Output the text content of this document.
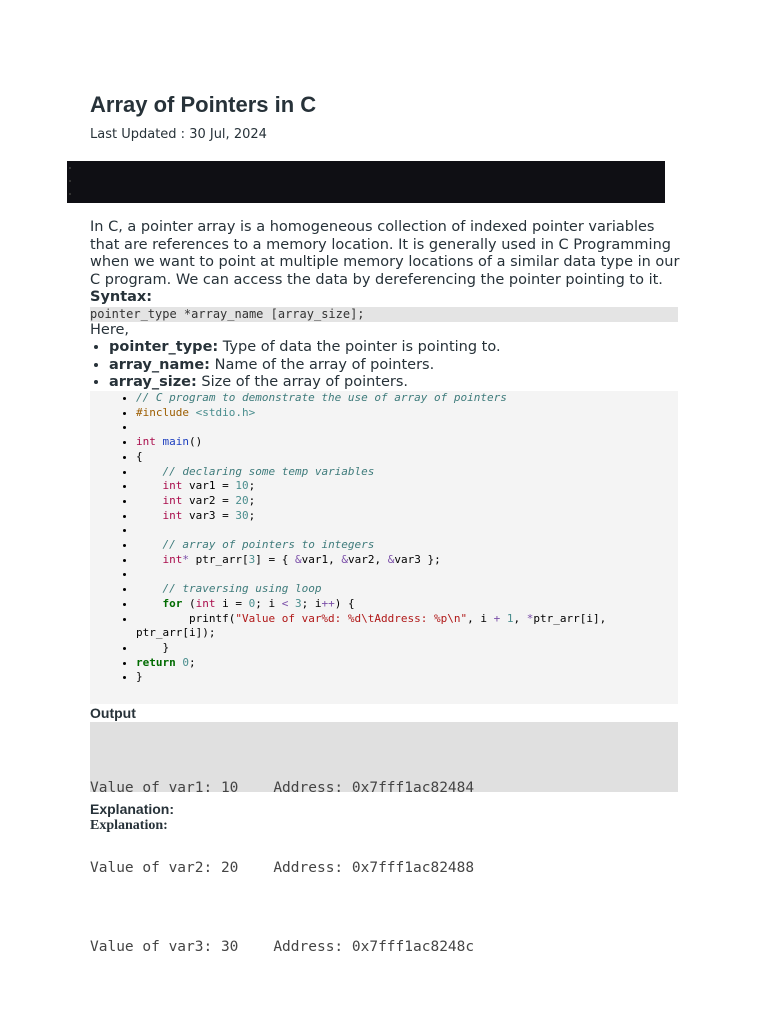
Array of Pointers in C

Last Updated : 30 Jul, 2024

In C, a pointer array is a homogeneous collection of indexed pointer variables that are references to a memory location. It is generally used in C Programming when we want to point at multiple memory locations of a similar data type in our C program. We can access the data by dereferencing the pointer pointing to it.

Syntax:

pointer_type *array_name [array_size];

Here,

• pointer_type: Type of data the pointer is pointing to.
• array_name: Name of the array of pointers.
• array_size: Size of the array of pointers.
• // C program to demonstrate the use of array of pointers
• #include <stdio.h>
•
• int main()
• {
• // declaring some temp variables
• int var1 = 10;
• int var2 = 20;
• int var3 = 30;
•
• // array of pointers to integers
• int* ptr_arr[3] = { &var1, &var2, &var3 };
•
• // traversing using loop
• for (int i = 0; i < 3; i++) {
•         printf("Value of var%d: %d\tAddress: %p\n", i + 1, *ptr_arr[i], ptr_arr[i]);
•     }
• return 0;
• }

Output

Value of var1: 10    Address: 0x7fff1ac82484

Value of var2: 20    Address: 0x7fff1ac82488

Value of var3: 30    Address: 0x7fff1ac8248c

Explanation:

Explanation:
